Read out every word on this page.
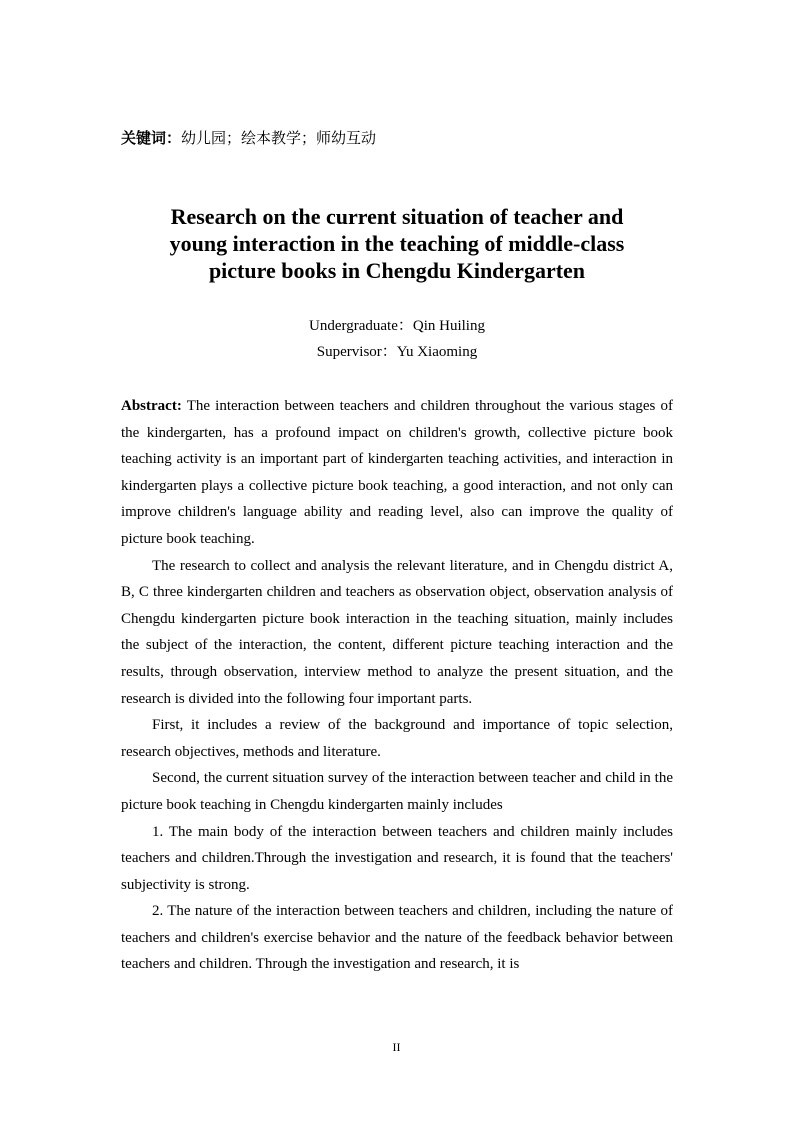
关键词：幼儿园；绘本教学；师幼互动
Research on the current situation of teacher and
young interaction in the teaching of middle-class
picture books in Chengdu Kindergarten
Undergraduate：Qin Huiling
Supervisor：Yu Xiaoming

Abstract: The interaction between teachers and children throughout the various stages of the kindergarten, has a profound impact on children's growth, collective picture book teaching activity is an important part of kindergarten teaching activities, and interaction in kindergarten plays a collective picture book teaching, a good interaction, and not only can improve children's language ability and reading level, also can improve the quality of picture book teaching.

The research to collect and analysis the relevant literature, and in Chengdu district A, B, C three kindergarten children and teachers as observation object, observation analysis of Chengdu kindergarten picture book interaction in the teaching situation, mainly includes the subject of the interaction, the content, different picture teaching interaction and the results, through observation, interview method to analyze the present situation, and the research is divided into the following four important parts.

First, it includes a review of the background and importance of topic selection, research objectives, methods and literature.

Second, the current situation survey of the interaction between teacher and child in the picture book teaching in Chengdu kindergarten mainly includes

1. The main body of the interaction between teachers and children mainly includes teachers and children.Through the investigation and research, it is found that the teachers' subjectivity is strong.

2. The nature of the interaction between teachers and children, including the nature of teachers and children's exercise behavior and the nature of the feedback behavior between teachers and children. Through the investigation and research, it is

II
